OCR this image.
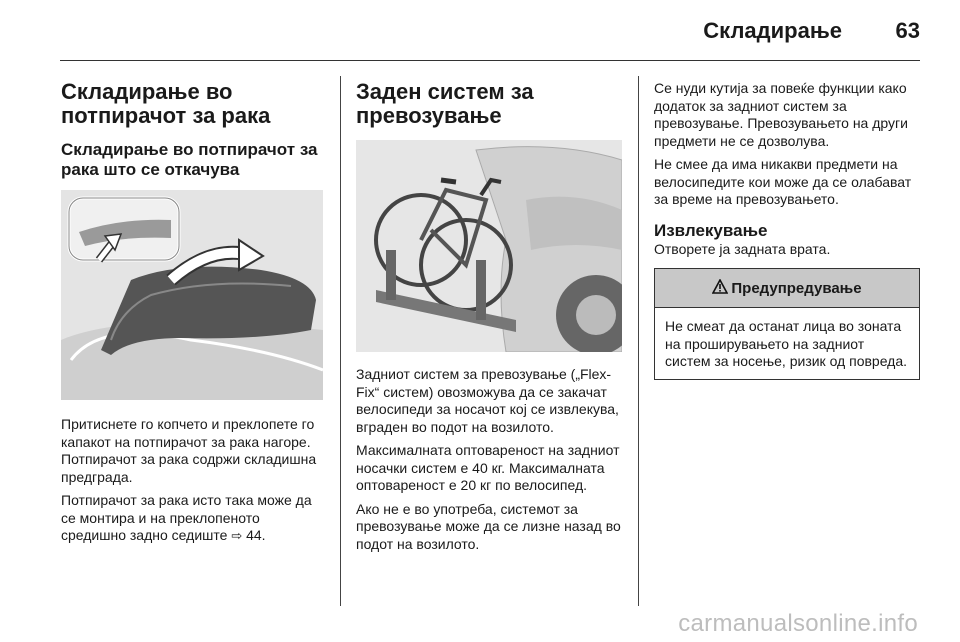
Складирање 63
Складирање во потпирачот за рака
Складирање во потпирачот за рака што се откачува

Притиснете го копчето и преклопете го капакот на потпирачот за рака нагоре. Потпирачот за рака содржи складишна предграда.

Потпирачот за рака исто така може да се монтира и на преклопеното средишно задно седиште ⇨ 44.

Заден систем за превозување

Задниот систем за превозување („Flex-Fix“ систем) овозможува да се закачат велосипеди за носачот кој се извлекува, вграден во подот на возилото.

Максималната оптовареност на задниот носачки систем е 40 кг. Максималната оптовареност е 20 кг по велосипед.

Ако не е во употреба, системот за превозување може да се лизне назад во подот на возилото.

Се нуди кутија за повеќе функции како додаток за задниот систем за превозување. Превозувањето на други предмети не се дозволува.

Не смее да има никакви предмети на велосипедите кои може да се олабават за време на превозувањето.

Извлекување

Отворете ја задната врата.

Предупредување

Не смеат да останат лица во зоната на проширувањето на задниот систем за носење, ризик од повреда.

carmanualsonline.info
